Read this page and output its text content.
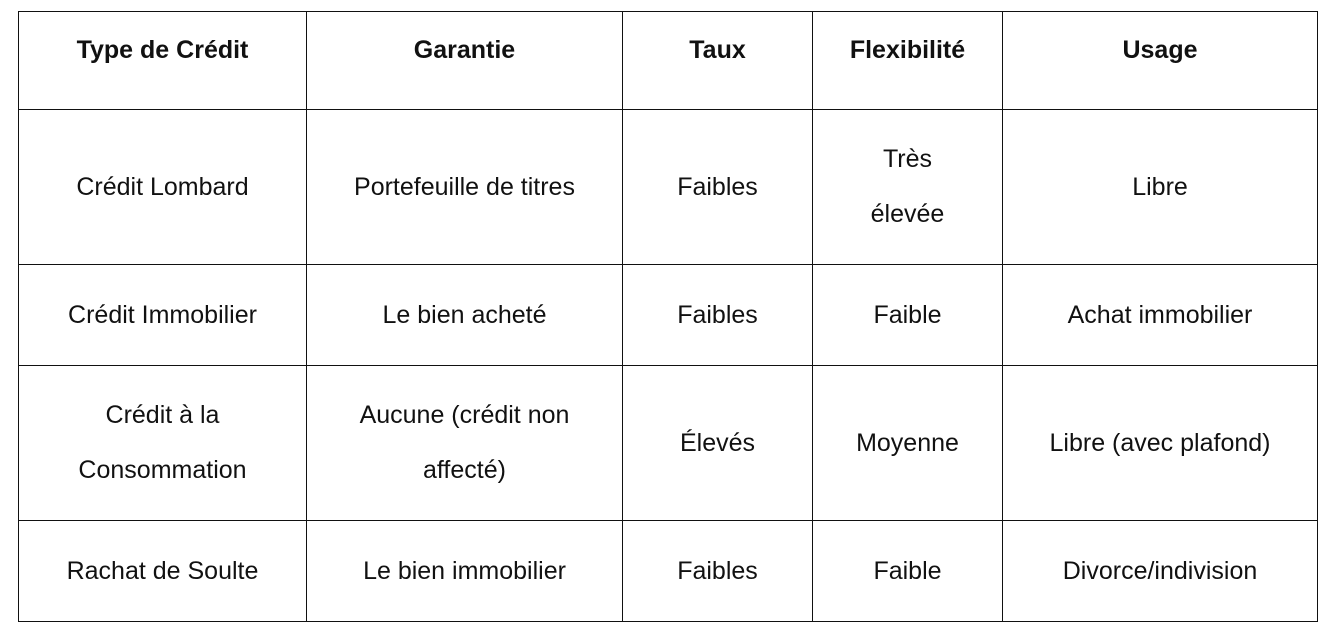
Type de Crédit	Garantie	Taux	Flexibilité	Usage
Crédit Lombard	Portefeuille de titres	Faibles	Très élevée	Libre
Crédit Immobilier	Le bien acheté	Faibles	Faible	Achat immobilier
Crédit à la Consommation	Aucune (crédit non affecté)	Élevés	Moyenne	Libre (avec plafond)
Rachat de Soulte	Le bien immobilier	Faibles	Faible	Divorce/indivision
